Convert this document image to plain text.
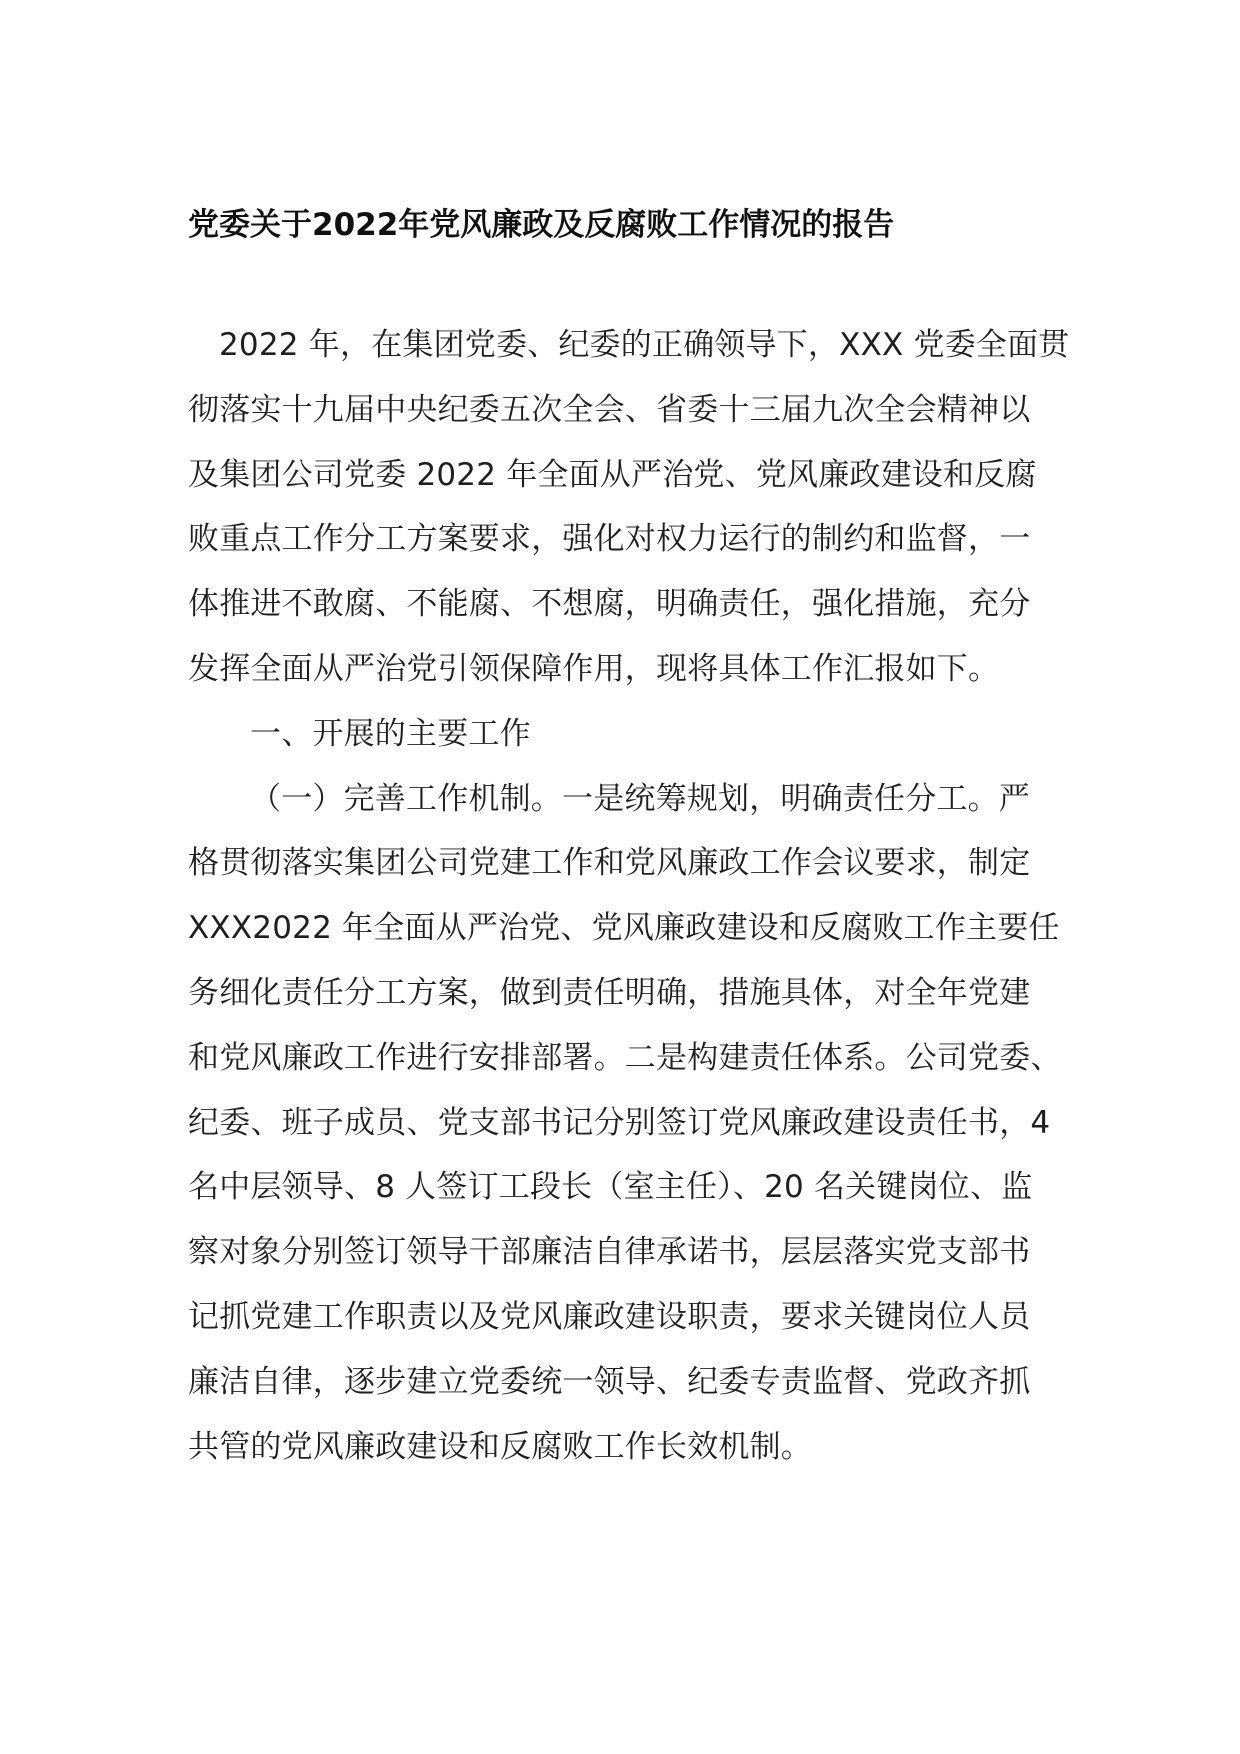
党委关于2022年党风廉政及反腐败工作情况的报告
2022 年，在集团党委、纪委的正确领导下，XXX 党委全面贯
彻落实十九届中央纪委五次全会、省委十三届九次全会精神以
及集团公司党委 2022 年全面从严治党、党风廉政建设和反腐
败重点工作分工方案要求，强化对权力运行的制约和监督，一
体推进不敢腐、不能腐、不想腐，明确责任，强化措施，充分
发挥全面从严治党引领保障作用，现将具体工作汇报如下。
一、开展的主要工作
（一）完善工作机制。一是统筹规划，明确责任分工。严
格贯彻落实集团公司党建工作和党风廉政工作会议要求，制定
XXX2022 年全面从严治党、党风廉政建设和反腐败工作主要任
务细化责任分工方案，做到责任明确，措施具体，对全年党建
和党风廉政工作进行安排部署。二是构建责任体系。公司党委、
纪委、班子成员、党支部书记分别签订党风廉政建设责任书，4
名中层领导、8 人签订工段长（室主任）、20 名关键岗位、监
察对象分别签订领导干部廉洁自律承诺书，层层落实党支部书
记抓党建工作职责以及党风廉政建设职责，要求关键岗位人员
廉洁自律，逐步建立党委统一领导、纪委专责监督、党政齐抓
共管的党风廉政建设和反腐败工作长效机制。
